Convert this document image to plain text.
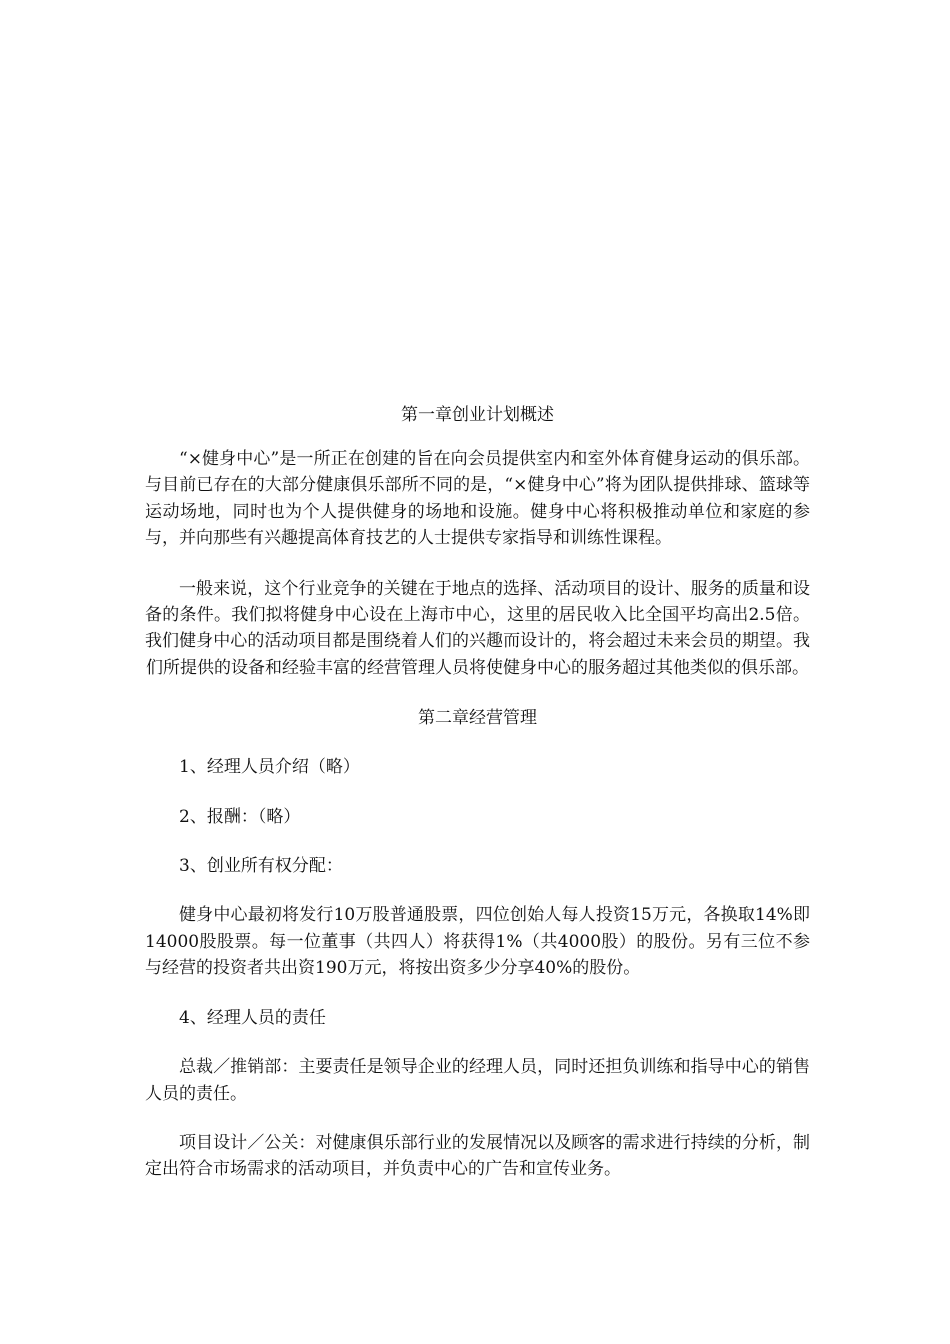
第一章创业计划概述

“×健身中心”是一所正在创建的旨在向会员提供室内和室外体育健身运动的俱乐部。与目前已存在的大部分健康俱乐部所不同的是，“×健身中心”将为团队提供排球、篮球等运动场地，同时也为个人提供健身的场地和设施。健身中心将积极推动单位和家庭的参与，并向那些有兴趣提高体育技艺的人士提供专家指导和训练性课程。

一般来说，这个行业竞争的关键在于地点的选择、活动项目的设计、服务的质量和设备的条件。我们拟将健身中心设在上海市中心，这里的居民收入比全国平均高出2.5倍。我们健身中心的活动项目都是围绕着人们的兴趣而设计的，将会超过未来会员的期望。我们所提供的设备和经验丰富的经营管理人员将使健身中心的服务超过其他类似的俱乐部。

第二章经营管理

1、经理人员介绍（略）

2、报酬：（略）

3、创业所有权分配：

健身中心最初将发行10万股普通股票，四位创始人每人投资15万元，各换取14%即14000股股票。每一位董事（共四人）将获得1%（共4000股）的股份。另有三位不参与经营的投资者共出资190万元，将按出资多少分享40%的股份。

4、经理人员的责任

总裁／推销部：主要责任是领导企业的经理人员，同时还担负训练和指导中心的销售人员的责任。

项目设计／公关：对健康俱乐部行业的发展情况以及顾客的需求进行持续的分析，制定出符合市场需求的活动项目，并负责中心的广告和宣传业务。
